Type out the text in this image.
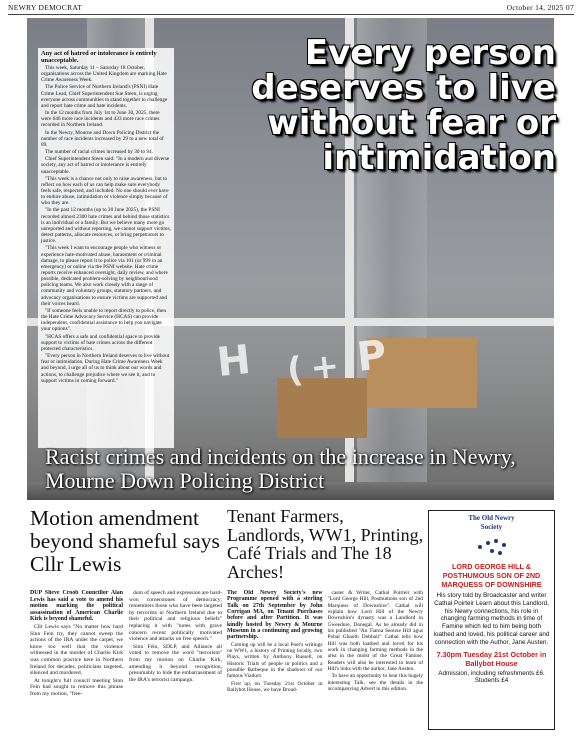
NEWRY DEMOCRAT	October 14, 2025 07
H (+ P
Every person deserves to live without fear or intimidation
Any act of hatred or intolerance is entirely unacceptable.

This week, Saturday 11 – Saturday 18 October, organisations across the United Kingdom are marking Hate Crime Awareness Week.

The Police Service of Northern Ireland's (PSNI) Hate Crime Lead, Chief Superintendent Sue Steen, is urging everyone across communities to stand together to challenge and report hate crime and hate incidents.

In the 12 months from July 1st to June 30, 2025, there were 646 more race incidents and 433 more race crimes recorded in Northern Ireland.

In the Newry, Mourne and Down Policing District the number of race incidents increased by 29 to a new total of 89.

The number of racial crimes increased by 30 to 94.

Chief Superintendent Steen said: "In a modern and diverse society, any act of hatred or intolerance is entirely unacceptable.

"This week is a chance not only to raise awareness, but to reflect on how each of us can help make sure everybody feels safe, respected, and included. No one should ever have to endure abuse, intimidation or violence simply because of who they are.

"In the past 12 months (up to 30 June 2025), the PSNI recorded almost 2300 hate crimes and behind those statistics is an individual or a family. But we believe many more go unreported and without reporting, we cannot support victims, detect patterns, allocate resources, or bring perpetrators to justice.

"This week I want to encourage people who witness or experience hate-motivated abuse, harassment or criminal damage, to please report it to police via 101 (or 999 in an emergency) or online via the PSNI website. Hate crime reports receive enhanced oversight, daily review, and where possible, dedicated problem-solving by neighbourhood policing teams. We also work closely with a range of community and voluntary groups, statutory partners, and advocacy organisations to ensure victims are supported and their voices heard.

"If someone feels unable to report directly to police, then the Hate Crime Advocacy Service (HCAS) can provide independent, confidential assistance to help you navigate your options".

"HCAS offers a safe and confidential space to provide support to victims of hate crimes across the different protected characteristics.

"Every person in Northern Ireland deserves to live without fear or intimidation. During Hate Crime Awareness Week and beyond, I urge all of us to think about our words and actions, to challenge prejudice where we see it, and to support victims in coming forward."

Racist crimes and incidents on the increase in Newry, Mourne Down Policing District
Motion amendment beyond shameful says Cllr Lewis

DUP Slieve Croob Councillor Alan Lewis has said a vote to amend his motion marking the political assassination of American Charlie Kirk is beyond shameful.

Cllr Lewis says "No matter how hard Sinn Fein try, they cannot sweep the actions of the IRA under the carpet, we know too well that the violence witnessed in the murder of Charlie Kirk was common practice here in Northern Ireland for decades, politicians targeted, silenced and murdered.

At tonight's full council meeting Sinn Fein had sought to remove this phrase from my motion, "free-

dom of speech and expression are hard-won cornerstones of democracy; remembers those who have been targeted by terrorists in Northern Ireland due to their political and religious beliefs" replacing it with "notes with grave concern recent politically motivated violence and attacks on free speech."

Sinn Féin, SDLP, and Alliance all voted to remove the word "terrorism" from my motion on Charlie Kirk, amending it beyond recognition, presumably to hide the embarrassment of the IRA's terrorist campaign.

Tenant Farmers, Landlords, WW1, Printing, Café Trials and The 18 Arches!

The Old Newry Society's new Programme opened with a sterling Talk on 27th September by John Corrigan MA, on Tenant Purchases before and after Partition. It was kindly hosted by Newry & Mourne Museum in a continuing and growing partnership.

Coming up will be a local Poet's writings on WW1, a history of Printing locally, two Plays, written by Anthony Russell, on Historic Trials of people in politics and a possible Barbeque in the shadows of our famous Viaduct.

First up, on Tuesday 21st October in Ballybot House, we have Broad-

caster & Writer, Cathal Poirteir with "Lord George Hill, Posthumous son of 2nd Marquess of Downshire". Cathal will explain how Lord Hill of the Newry Downshire's dynasty was a Landlord in Gweedore, Donegal. As he already did in his published "An Tiarna Seoirse Hill agus Pobal Ghaoth Dobhair" Cathal tells how Hill was both loathed and loved for his work in changing farming methods in the area in the midst of the Great Famine. Readers will also be interested to learn of Hill's links with the author, Jane Austen.

To have an opportunity to hear this hugely interesting Talk, see the details in the accompanying Advert in this edition.

The Old Newry Society
LORD GEORGE HILL & POSTHUMOUS SON OF 2ND MARQUESS OF DOWNSHIRE
His story told by Broadcaster and writer Cathal Poirteir Learn about this Landlord, his Newry connections, his role in changing farming methods in time of Famine which led to him being both loathed and loved, his political career and connection with the Author, Jane Austen.
7.30pm Tuesday 21st October in Ballybot House
Admission, including refreshments £6. Students £4
